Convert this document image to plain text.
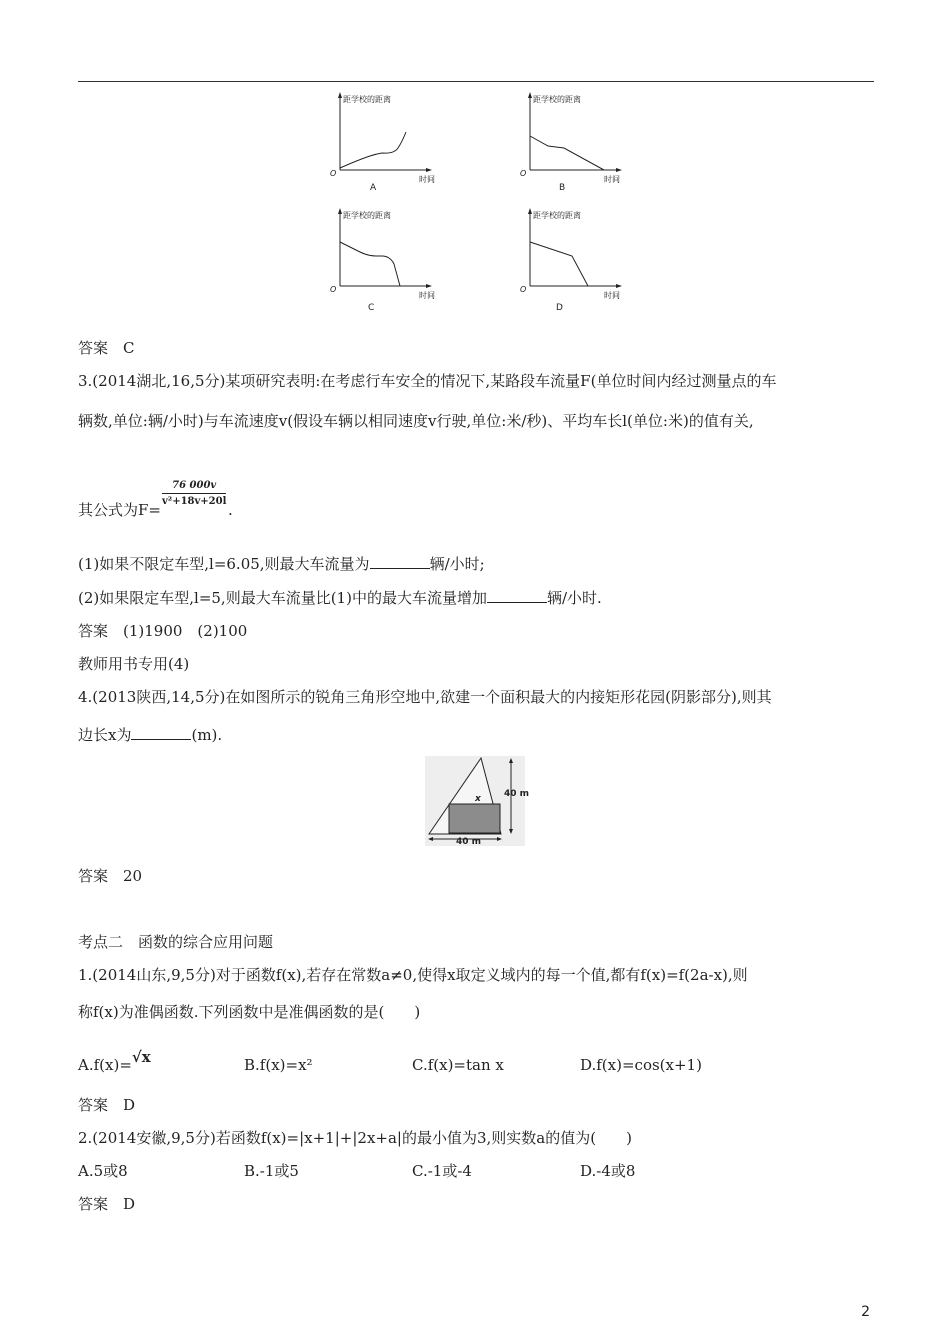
距学校的距离
时间
O
A
距学校的距离
时间
O
B
距学校的距离
时间
O
C
距学校的距离
时间
O
D
答案　C
3.(2014湖北,16,5分)某项研究表明:在考虑行车安全的情况下,某路段车流量F(单位时间内经过测量点的车
辆数,单位:辆/小时)与车流速度v(假设车辆以相同速度v行驶,单位:米/秒)、平均车长l(单位:米)的值有关,
其公式为F=
76 000v
v²+18v+20l .
(1)如果不限定车型,l=6.05,则最大车流量为	辆/小时;
(2)如果限定车型,l=5,则最大车流量比(1)中的最大车流量增加	辆/小时.
答案　(1)1900　(2)100
教师用书专用(4)
4.(2013陕西,14,5分)在如图所示的锐角三角形空地中,欲建一个面积最大的内接矩形花园(阴影部分),则其
边长x为	(m).
x	40 m
40 m
答案　20
考点二　函数的综合应用问题
1.(2014山东,9,5分)对于函数f(x),若存在常数a≠0,使得x取定义域内的每一个值,都有f(x)=f(2a-x),则
称f(x)为准偶函数.下列函数中是准偶函数的是(　　)
A.f(x)=√x	B.f(x)=x²	C.f(x)=tan x	D.f(x)=cos(x+1)
答案　D
2.(2014安徽,9,5分)若函数f(x)=|x+1|+|2x+a|的最小值为3,则实数a的值为(　　)
A.5或8	B.-1或5	C.-1或-4	D.-4或8
答案　D
2
